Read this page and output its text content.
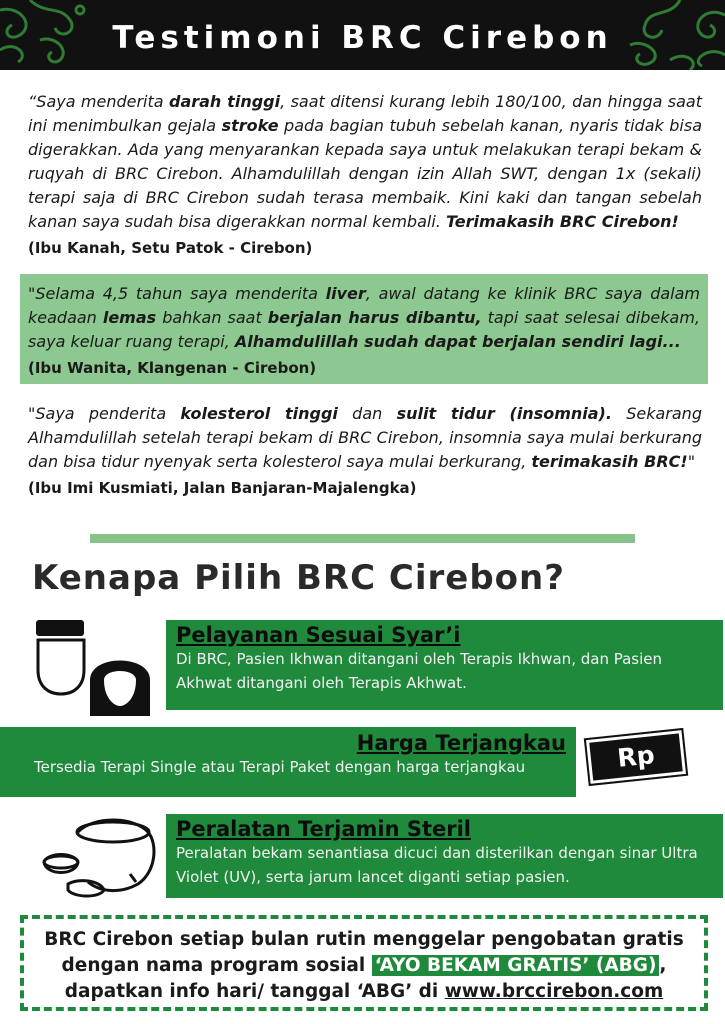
Testimoni BRC Cirebon
“Saya menderita darah tinggi, saat ditensi kurang lebih 180/100, dan hingga saat ini menimbulkan gejala stroke pada bagian tubuh sebelah kanan, nyaris tidak bisa digerakkan. Ada yang menyarankan kepada saya untuk melakukan terapi bekam & ruqyah di BRC Cirebon. Alhamdulillah dengan izin Allah SWT, dengan 1x (sekali) terapi saja di BRC Cirebon sudah terasa membaik. Kini kaki dan tangan sebelah kanan saya sudah bisa digerakkan normal kembali. Terimakasih BRC Cirebon!
(Ibu Kanah, Setu Patok - Cirebon)
"Selama 4,5 tahun saya menderita liver, awal datang ke klinik BRC saya dalam keadaan lemas bahkan saat berjalan harus dibantu, tapi saat selesai dibekam, saya keluar ruang terapi, Alhamdulillah sudah dapat berjalan sendiri lagi...
(Ibu Wanita, Klangenan - Cirebon)
"Saya penderita kolesterol tinggi dan sulit tidur (insomnia). Sekarang Alhamdulillah setelah terapi bekam di BRC Cirebon, insomnia saya mulai berkurang dan bisa tidur nyenyak serta kolesterol saya mulai berkurang, terimakasih BRC!"
(Ibu Imi Kusmiati, Jalan Banjaran-Majalengka)
Kenapa Pilih BRC Cirebon?
Pelayanan Sesuai Syar’i
Di BRC, Pasien Ikhwan ditangani oleh Terapis Ikhwan, dan Pasien Akhwat ditangani oleh Terapis Akhwat.
Harga Terjangkau
Tersedia Terapi Single atau Terapi Paket dengan harga terjangkau	Rp
Peralatan Terjamin Steril
Peralatan bekam senantiasa dicuci dan disterilkan dengan sinar Ultra Violet (UV), serta jarum lancet diganti setiap pasien.
BRC Cirebon setiap bulan rutin menggelar pengobatan gratis
dengan nama program sosial ‘AYO BEKAM GRATIS’ (ABG) ,
dapatkan info hari/ tanggal ‘ABG’ di www.brccirebon.com
